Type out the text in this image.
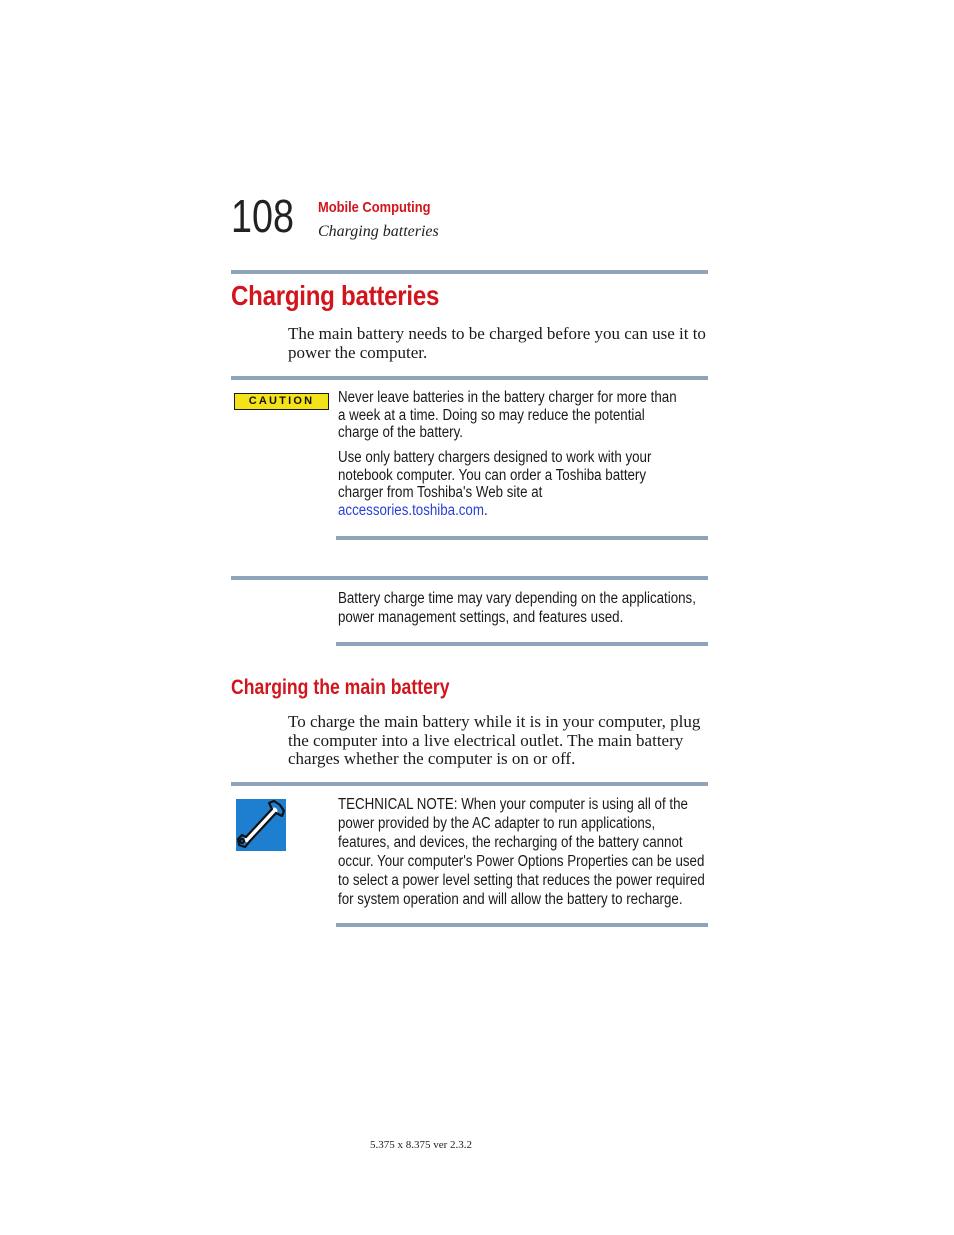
108 Mobile Computing
Charging batteries
Charging batteries
The main battery needs to be charged before you can use it to
power the computer.
CAUTION	Never leave batteries in the battery charger for more than
a week at a time. Doing so may reduce the potential
charge of the battery.
Use only battery chargers designed to work with your
notebook computer. You can order a Toshiba battery
charger from Toshiba's Web site at
accessories.toshiba.com.
Battery charge time may vary depending on the applications,
power management settings, and features used.
Charging the main battery
To charge the main battery while it is in your computer, plug
the computer into a live electrical outlet. The main battery
charges whether the computer is on or off.
TECHNICAL NOTE: When your computer is using all of the
power provided by the AC adapter to run applications,
features, and devices, the recharging of the battery cannot
occur. Your computer's Power Options Properties can be used
to select a power level setting that reduces the power required
for system operation and will allow the battery to recharge.
5.375 x 8.375 ver 2.3.2
